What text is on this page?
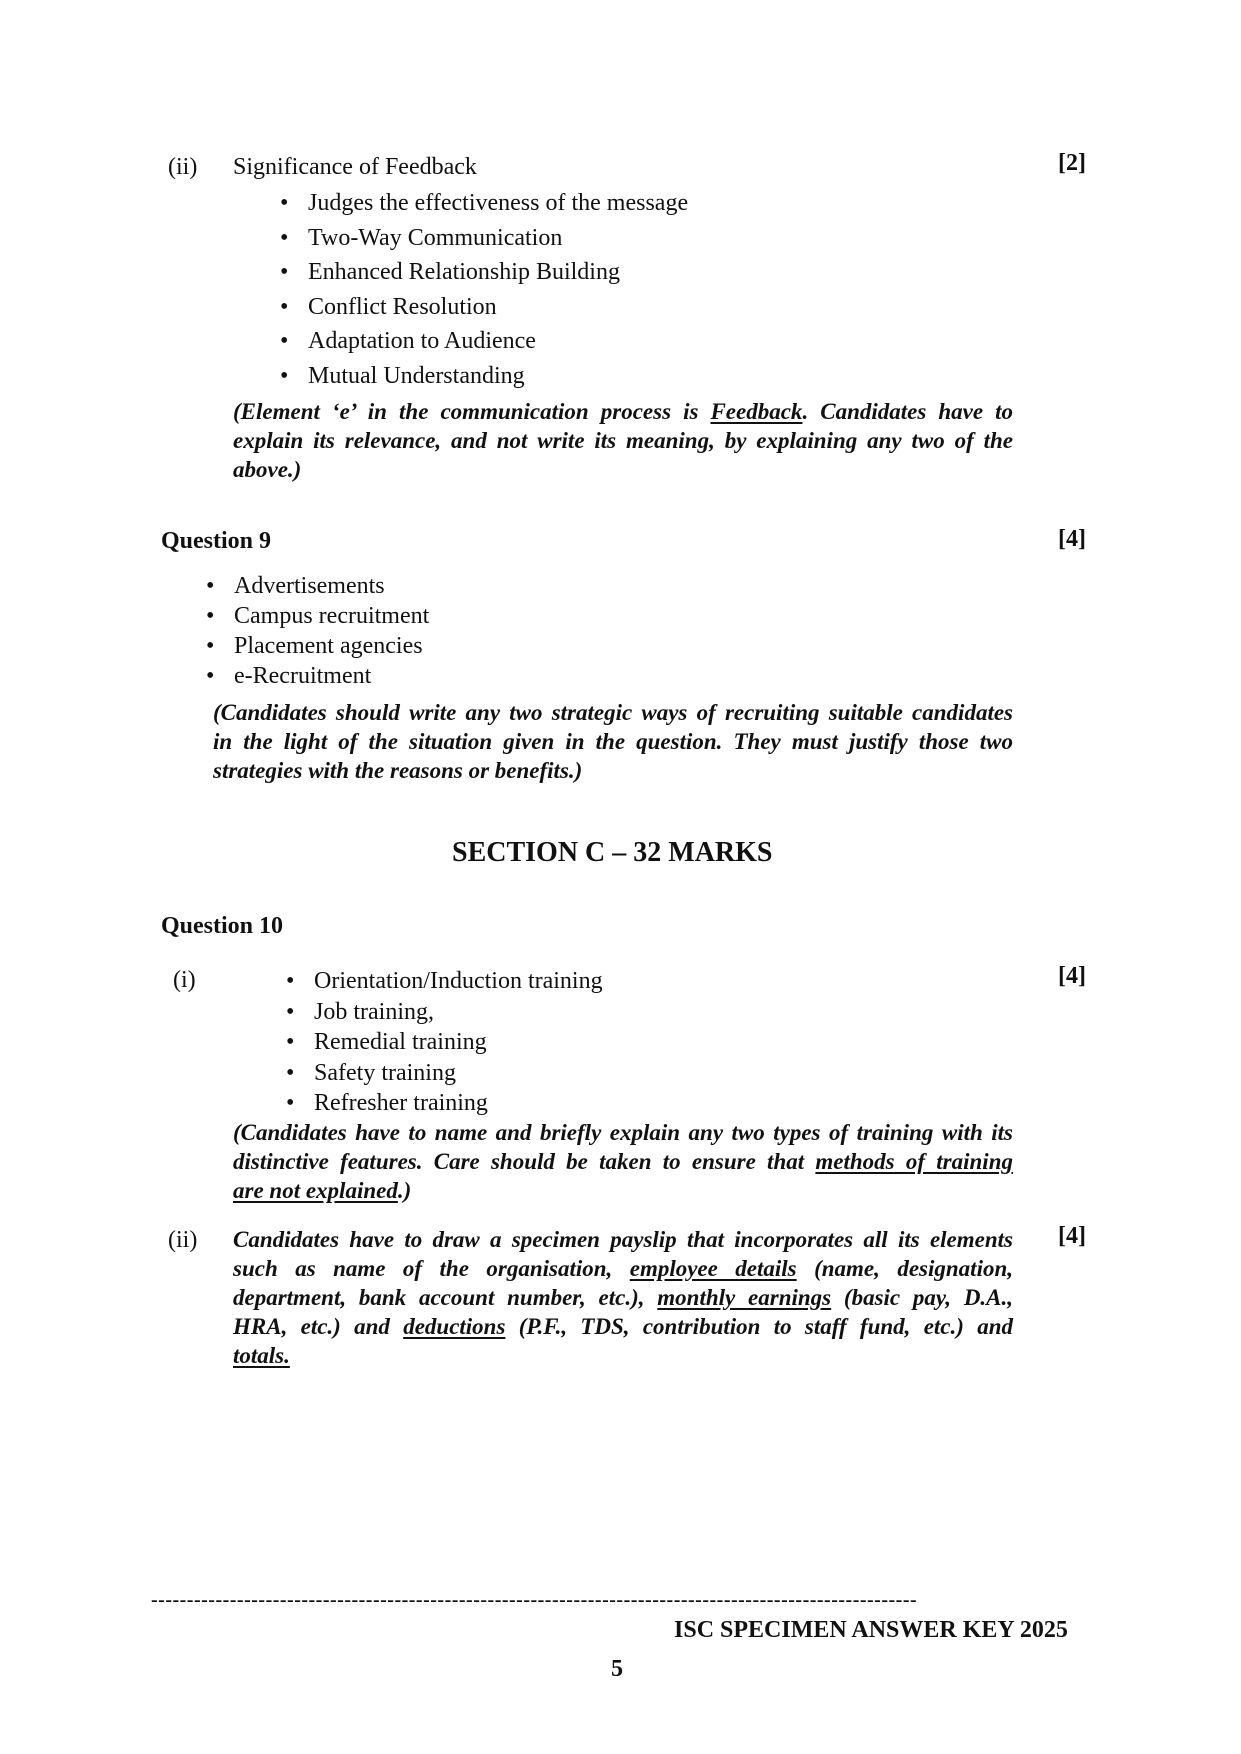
(ii) Significance of Feedback	[2]
• Judges the effectiveness of the message
• Two-Way Communication
• Enhanced Relationship Building
• Conflict Resolution
• Adaptation to Audience
• Mutual Understanding
(Element ‘e’ in the communication process is Feedback. Candidates have to
explain its relevance, and not write its meaning, by explaining any two of the
above.)
Question 9	[4]
• Advertisements
• Campus recruitment
• Placement agencies
• e-Recruitment
(Candidates should write any two strategic ways of recruiting suitable candidates
in the light of the situation given in the question. They must justify those two
strategies with the reasons or benefits.)
SECTION C – 32 MARKS
Question 10
(i)	[4]
• Orientation/Induction training
• Job training,
• Remedial training
• Safety training
• Refresher training
(Candidates have to name and briefly explain any two types of training with its
distinctive features. Care should be taken to ensure that methods of training
are not explained.)
(ii)	[4]
Candidates have to draw a specimen payslip that incorporates all its elements
such as name of the organisation, employee details (name, designation,
department, bank account number, etc.), monthly earnings (basic pay, D.A.,
HRA, etc.) and deductions (P.F., TDS, contribution to staff fund, etc.) and
totals.
-----------------------------------------------------------------------------------------------------------
ISC SPECIMEN ANSWER KEY 2025
5
